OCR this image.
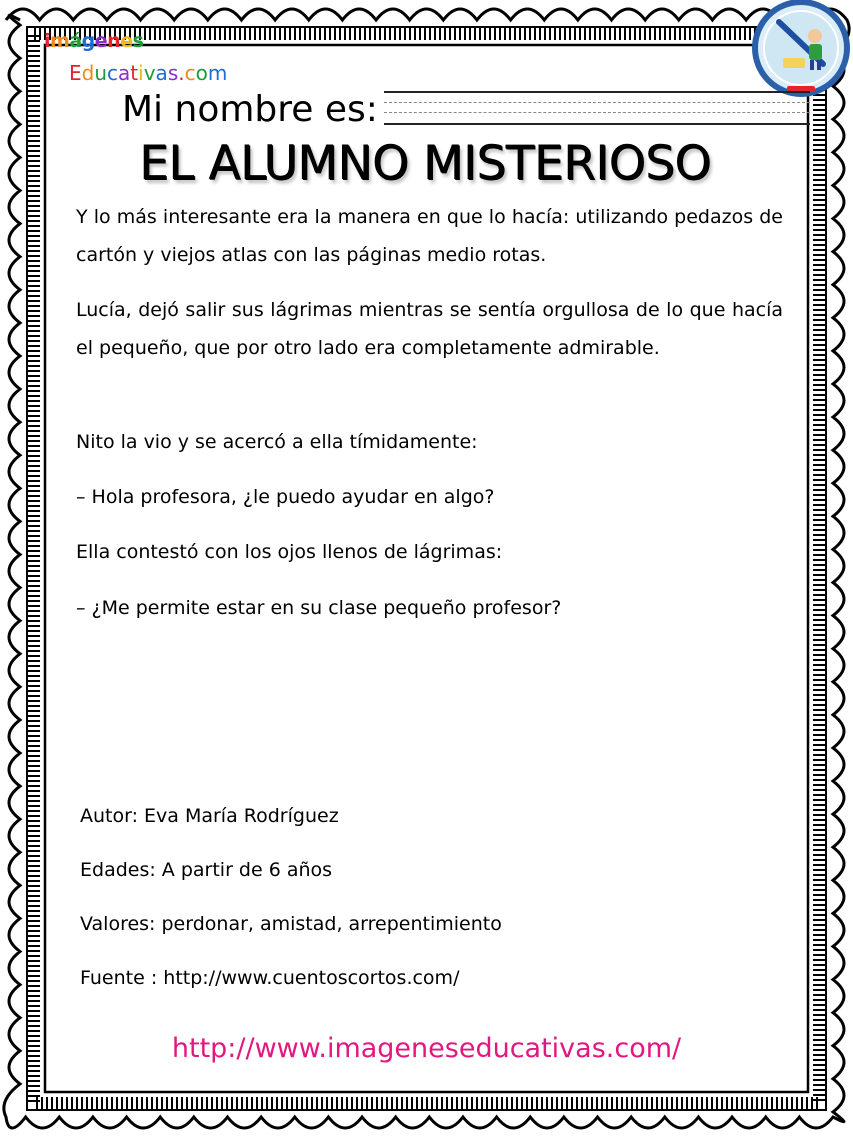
imágenes
Educativas.com
Mi nombre es:
EL ALUMNO MISTERIOSO

Y lo más interesante era la manera en que lo hacía: utilizando pedazos de cartón y viejos atlas con las páginas medio rotas.

Lucía, dejó salir sus lágrimas mientras se sentía orgullosa de lo que hacía el pequeño, que por otro lado era completamente admirable.

Nito la vio y se acercó a ella tímidamente:

– Hola profesora, ¿le puedo ayudar en algo?

Ella contestó con los ojos llenos de lágrimas:

– ¿Me permite estar en su clase pequeño profesor?

Autor: Eva María Rodríguez

Edades: A partir de 6 años

Valores: perdonar, amistad, arrepentimiento

Fuente : http://www.cuentoscortos.com/

http://www.imageneseducativas.com/
